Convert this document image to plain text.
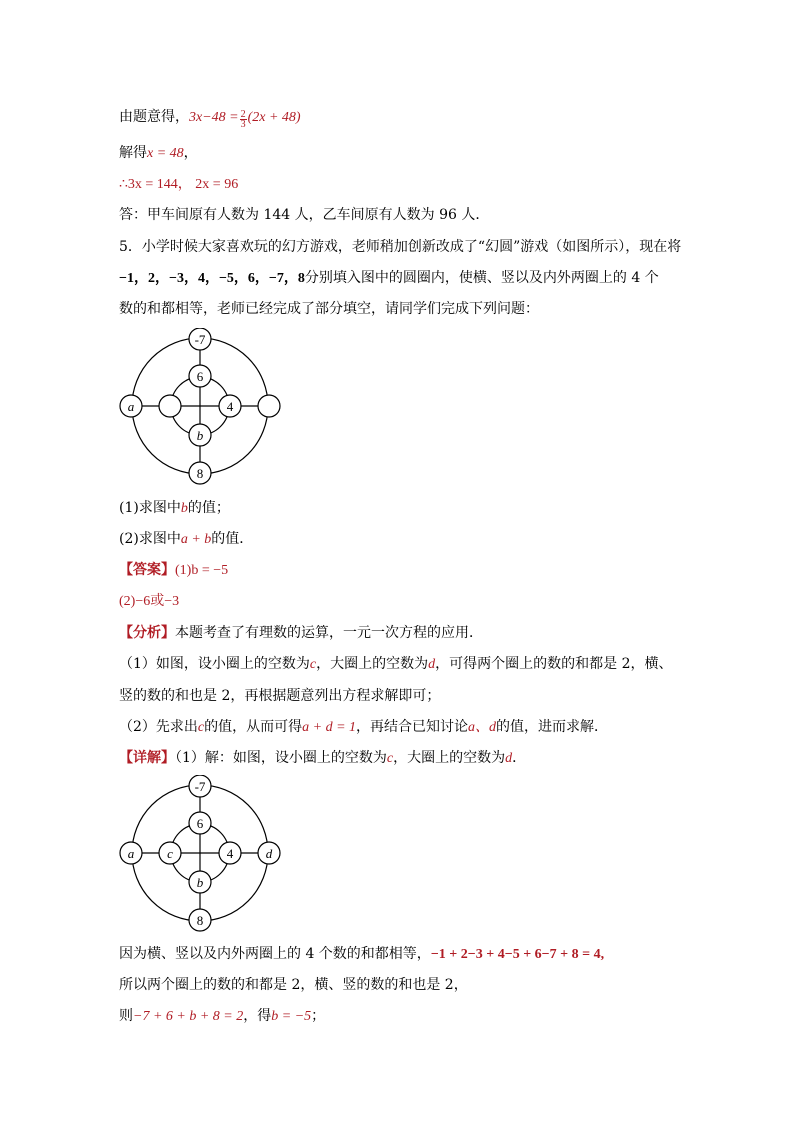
由题意得，$3x-48 = \frac{2}{3} (2x + 48)$
解得x = 48，
∴3x = 144， 2x = 96
答：甲车间原有人数为 144 人，乙车间原有人数为 96 人．
5．小学时候大家喜欢玩的幻方游戏，老师稍加创新改成了“幻圆”游戏（如图所示），现在将
−1，2，−3，4，−5，6，−7，8分别填入图中的圆圈内，使横、竖以及内外两圈上的 4 个
数的和都相等，老师已经完成了部分填空，请同学们完成下列问题：
-7
6
a	4
b
8
(1)求图中b的值；
(2)求图中a + b的值．
【答案】(1)b = −5
(2)−6或−3
【分析】本题考查了有理数的运算，一元一次方程的应用．
（1）如图，设小圈上的空数为c，大圈上的空数为d，可得两个圈上的数的和都是 2，横、
竖的数的和也是 2，再根据题意列出方程求解即可；
（2）先求出c的值，从而可得a + d = 1，再结合已知讨论a、d的值，进而求解．
【详解】（1）解：如图，设小圈上的空数为c，大圈上的空数为d．
-7
6
a	c	4	d
b
8
因为横、竖以及内外两圈上的 4 个数的和都相等，−1 + 2−3 + 4−5 + 6−7 + 8 = 4,
所以两个圈上的数的和都是 2，横、竖的数的和也是 2，
则−7 + 6 + b + 8 = 2，得b = −5；
